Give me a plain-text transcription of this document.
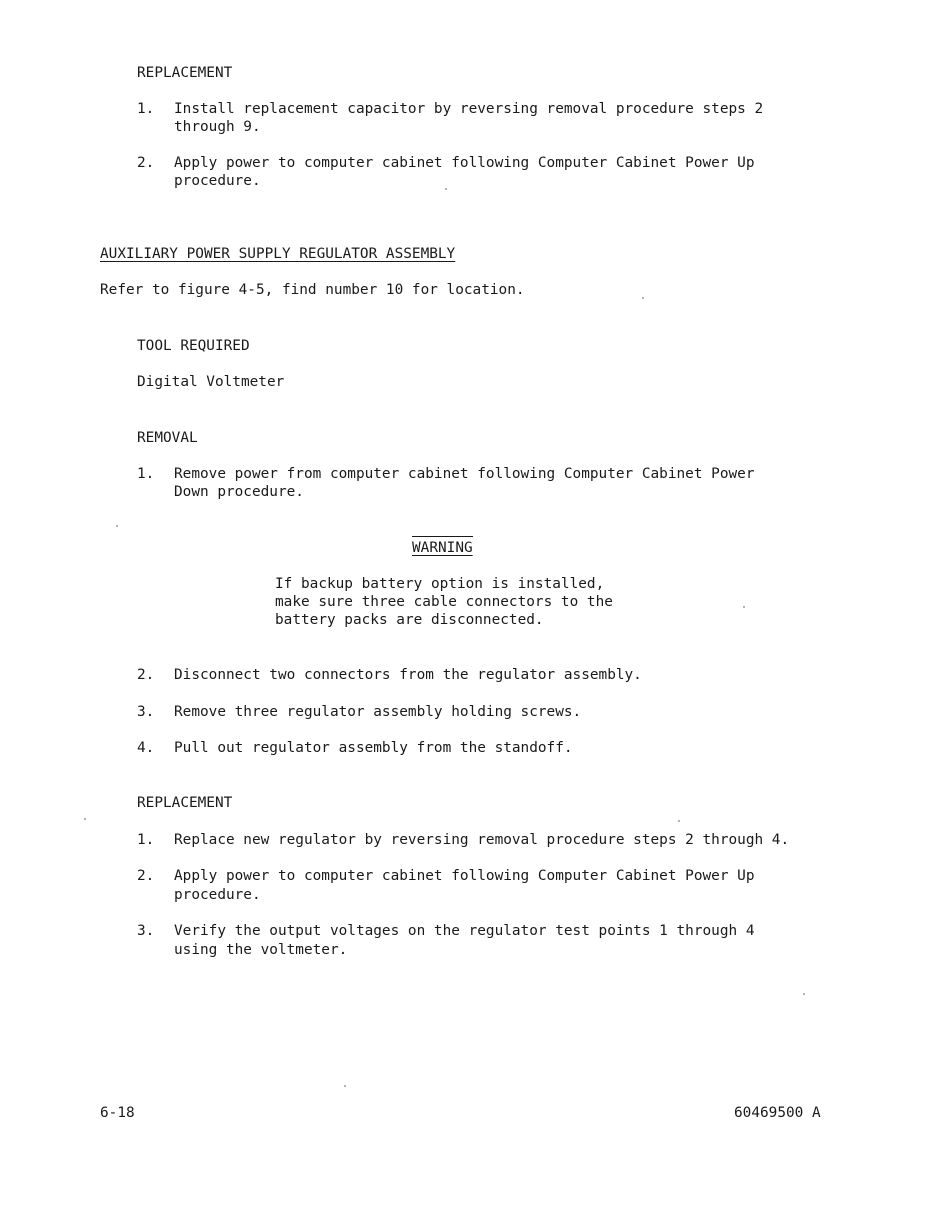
REPLACEMENT
1. Install replacement capacitor by reversing removal procedure steps 2
through 9.
2. Apply power to computer cabinet following Computer Cabinet Power Up
procedure.
AUXILIARY POWER SUPPLY REGULATOR ASSEMBLY
Refer to figure 4-5, find number 10 for location.
TOOL REQUIRED
Digital Voltmeter
REMOVAL
1. Remove power from computer cabinet following Computer Cabinet Power
Down procedure.
WARNING
If backup battery option is installed,
make sure three cable connectors to the
battery packs are disconnected.
2. Disconnect two connectors from the regulator assembly.
3. Remove three regulator assembly holding screws.
4. Pull out regulator assembly from the standoff.
REPLACEMENT
1. Replace new regulator by reversing removal procedure steps 2 through 4.
2. Apply power to computer cabinet following Computer Cabinet Power Up
procedure.
3. Verify the output voltages on the regulator test points 1 through 4
using the voltmeter.
6-18	60469500 A
